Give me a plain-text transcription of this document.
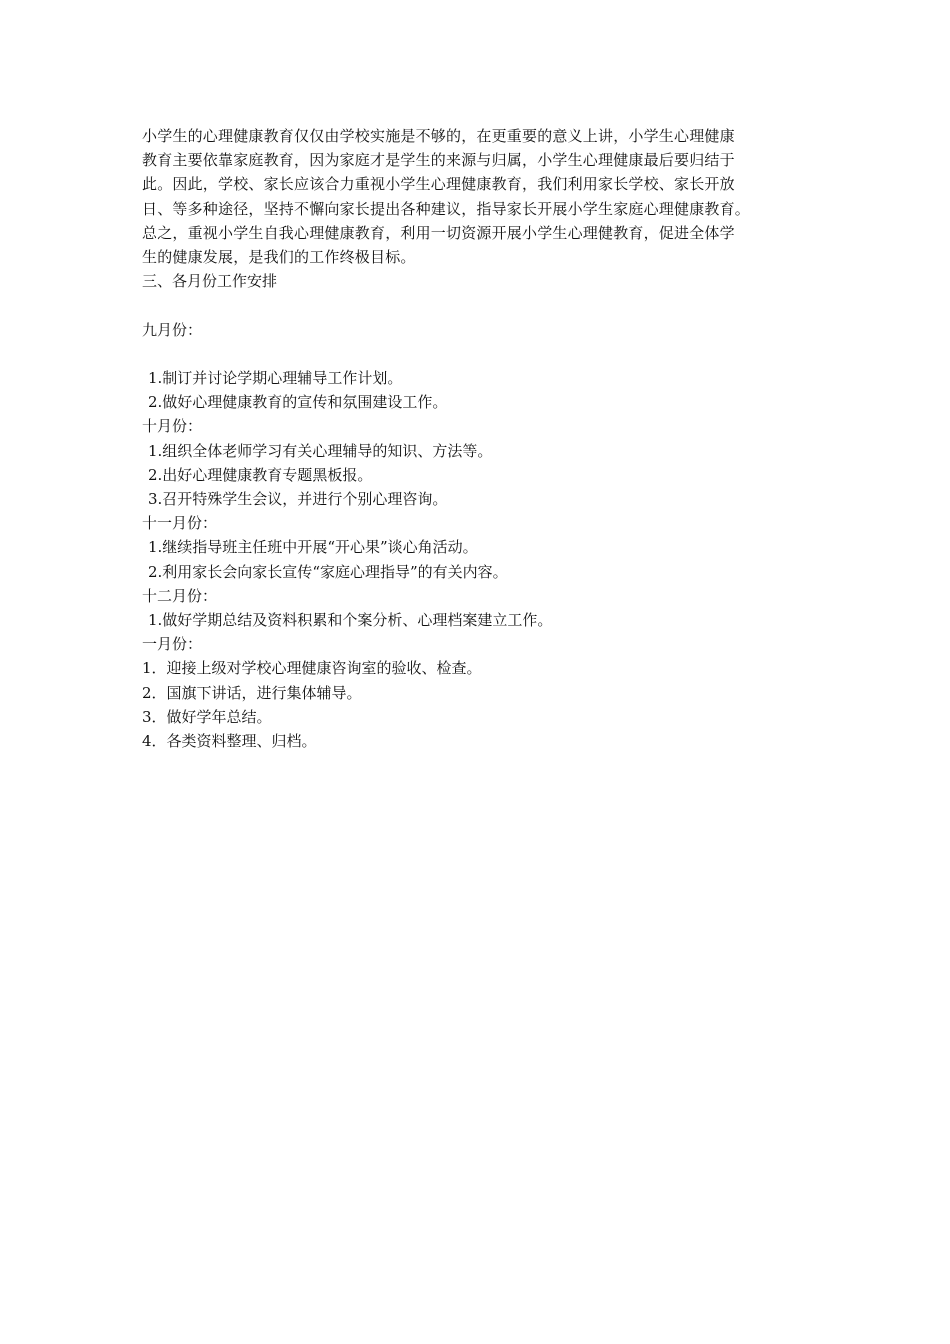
小学生的心理健康教育仅仅由学校实施是不够的，在更重要的意义上讲，小学生心理健康
教育主要依靠家庭教育，因为家庭才是学生的来源与归属，小学生心理健康最后要归结于
此。因此，学校、家长应该合力重视小学生心理健康教育，我们利用家长学校、家长开放
日、等多种途径，坚持不懈向家长提出各种建议，指导家长开展小学生家庭心理健康教育。
总之，重视小学生自我心理健康教育，利用一切资源开展小学生心理健教育，促进全体学
生的健康发展，是我们的工作终极目标。
三、各月份工作安排
九月份：
1.制订并讨论学期心理辅导工作计划。
2.做好心理健康教育的宣传和氛围建设工作。
十月份：
1.组织全体老师学习有关心理辅导的知识、方法等。
2.出好心理健康教育专题黑板报。
3.召开特殊学生会议，并进行个别心理咨询。
十一月份：
1.继续指导班主任班中开展“开心果”谈心角活动。
2.利用家长会向家长宣传“家庭心理指导”的有关内容。
十二月份：
1.做好学期总结及资料积累和个案分析、心理档案建立工作。
一月份：
1．迎接上级对学校心理健康咨询室的验收、检查。
2．国旗下讲话，进行集体辅导。
3．做好学年总结。
4．各类资料整理、归档。
